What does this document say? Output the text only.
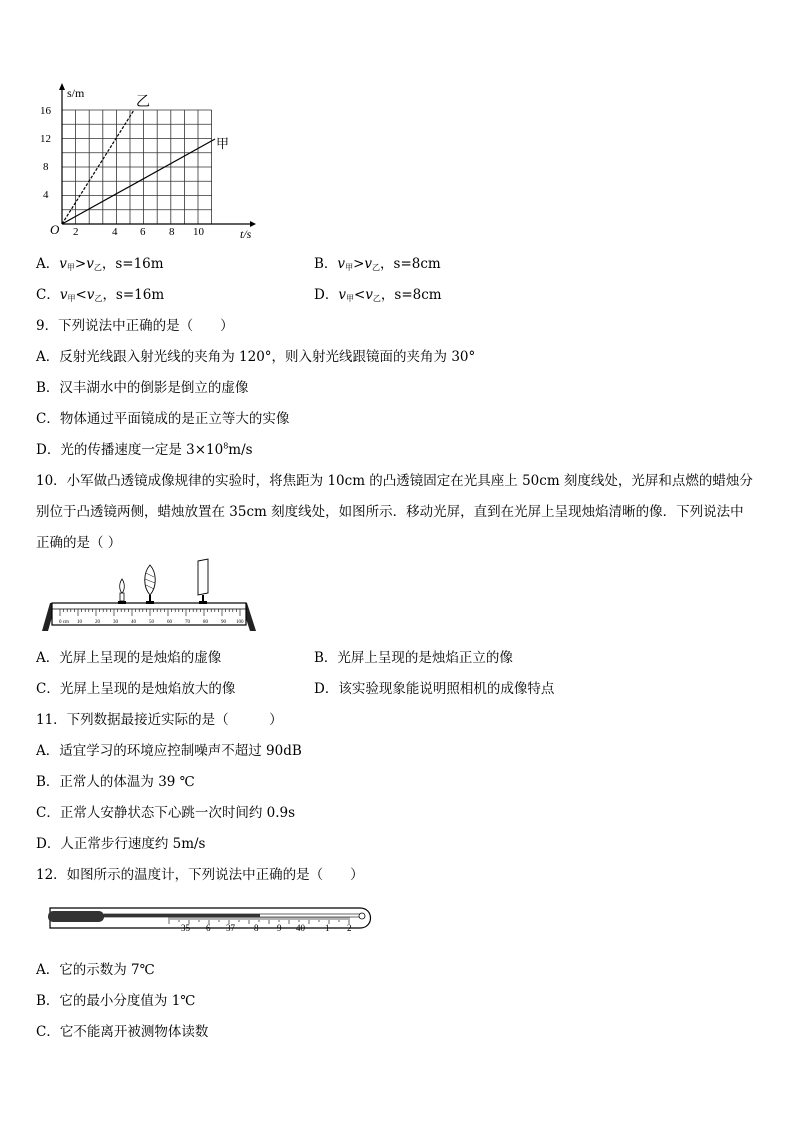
s/m
t/s
O
4
8
12
16
2	4 6 8 10
乙
甲
A．$v_甲>v_乙$，s=16m	B．$v_甲>v_乙$，s=8cm
C．$v_甲<v_乙$，s=16m	D．$v_甲<v_乙$，s=8cm
9．下列说法中正确的是（　　）
A．反射光线跟入射光线的夹角为 120°，则入射光线跟镜面的夹角为 30°
B．汉丰湖水中的倒影是倒立的虚像
C．物体通过平面镜成的是正立等大的实像
D．光的传播速度一定是 $3\times 10^8m/s$
10．小军做凸透镜成像规律的实验时，将焦距为 10cm 的凸透镜固定在光具座上 50cm 刻度线处，光屏和点燃的蜡烛分
别位于凸透镜两侧，蜡烛放置在 35cm 刻度线处，如图所示．移动光屏，直到在光屏上呈现烛焰清晰的像．下列说法中
正确的是（ ）
0 cm 10	20	30	40	50	60	70	80	90 100
A．光屏上呈现的是烛焰的虚像	B．光屏上呈现的是烛焰正立的像
C．光屏上呈现的是烛焰放大的像	D．该实验现象能说明照相机的成像特点
11．下列数据最接近实际的是（　　　）
A．适宜学习的环境应控制噪声不超过 90dB
B．正常人的体温为 39 ℃
C．正常人安静状态下心跳一次时间约 0.9s
D．人正常步行速度约 5m/s
12．如图所示的温度计，下列说法中正确的是（　　）
35 6 37 8 9 40 1 2
A．它的示数为 7℃
B．它的最小分度值为 1℃
C．它不能离开被测物体读数
